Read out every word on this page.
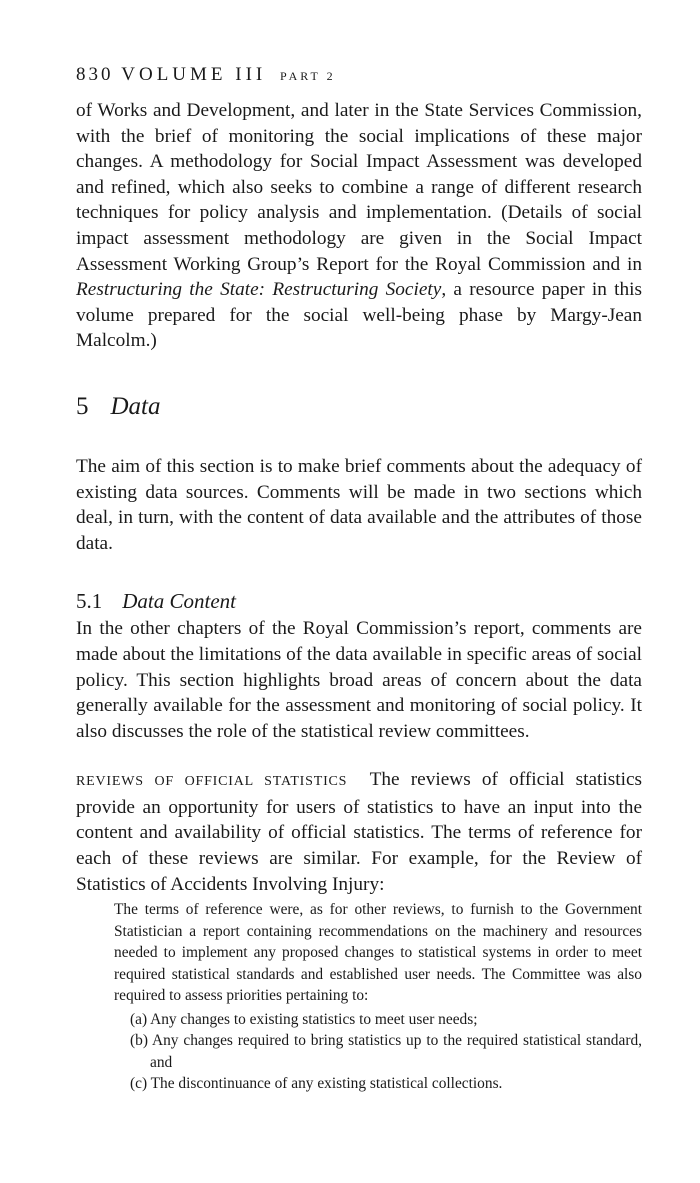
830 VOLUME III PART 2

of Works and Development, and later in the State Services Commission, with the brief of monitoring the social implications of these major changes. A methodology for Social Impact Assessment was developed and refined, which also seeks to combine a range of different research techniques for policy analysis and implementation. (Details of social impact assessment methodology are given in the Social Impact Assessment Working Group’s Report for the Royal Commission and in Restructuring the State: Restructuring Society, a resource paper in this volume prepared for the social well-being phase by Margy-Jean Malcolm.)

5 Data

The aim of this section is to make brief comments about the adequacy of existing data sources. Comments will be made in two sections which deal, in turn, with the content of data available and the attributes of those data.

5.1 Data Content

In the other chapters of the Royal Commission’s report, comments are made about the limitations of the data available in specific areas of social policy. This section highlights broad areas of concern about the data generally available for the assessment and monitoring of social policy. It also discusses the role of the statistical review committees.

REVIEWS OF OFFICIAL STATISTICS The reviews of official statistics provide an opportunity for users of statistics to have an input into the content and availability of official statistics. The terms of reference for each of these reviews are similar. For example, for the Review of Statistics of Accidents Involving Injury:

The terms of reference were, as for other reviews, to furnish to the Government Statistician a report containing recommendations on the machinery and resources needed to implement any proposed changes to statistical systems in order to meet required statistical standards and established user needs. The Committee was also required to assess priorities pertaining to:

(a) Any changes to existing statistics to meet user needs;
(b) Any changes required to bring statistics up to the required statistical standard, and
(c) The discontinuance of any existing statistical collections.
